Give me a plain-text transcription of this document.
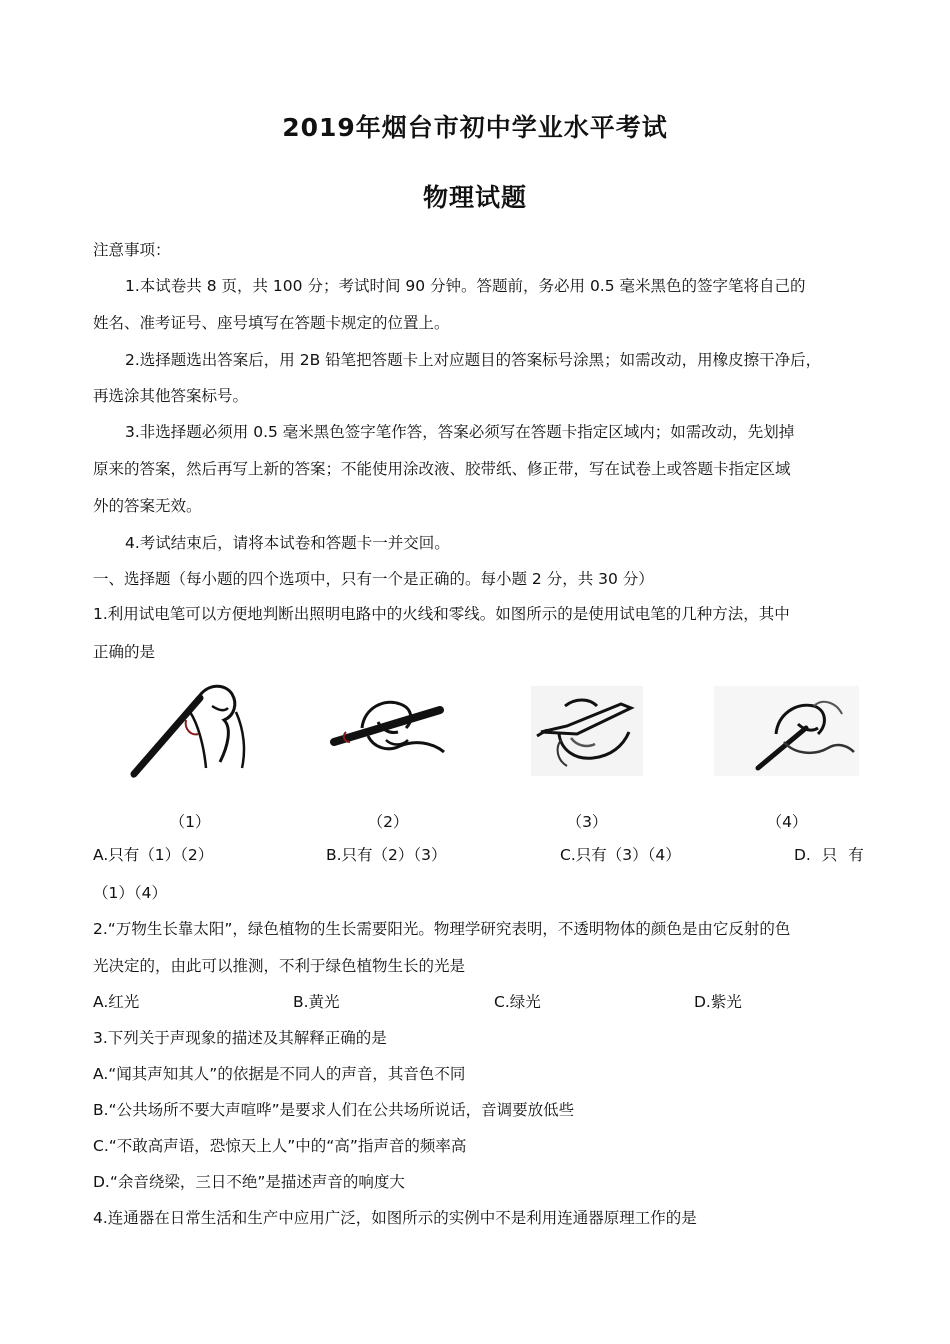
2019年烟台市初中学业水平考试
物理试题
注意事项：
1.本试卷共 8 页，共 100 分；考试时间 90 分钟。答题前，务必用 0.5 毫米黑色的签字笔将自己的
姓名、准考证号、座号填写在答题卡规定的位置上。
2.选择题选出答案后，用 2B 铅笔把答题卡上对应题目的答案标号涂黑；如需改动，用橡皮擦干净后，
再选涂其他答案标号。
3.非选择题必须用 0.5 毫米黑色签字笔作答，答案必须写在答题卡指定区域内；如需改动，先划掉
原来的答案，然后再写上新的答案；不能使用涂改液、胶带纸、修正带，写在试卷上或答题卡指定区域
外的答案无效。
4.考试结束后，请将本试卷和答题卡一并交回。
一、选择题（每小题的四个选项中，只有一个是正确的。每小题 2 分，共 30 分）
1.利用试电笔可以方便地判断出照明电路中的火线和零线。如图所示的是使用试电笔的几种方法，其中
正确的是
（1）	（2）	（3）	（4）
A.只有（1）（2）	B.只有（2）（3）	C.只有（3）（4）	D. 只 有
（1）（4）
2.“万物生长靠太阳”，绿色植物的生长需要阳光。物理学研究表明，不透明物体的颜色是由它反射的色
光决定的，由此可以推测，不利于绿色植物生长的光是
A.红光	B.黄光	C.绿光	D.紫光
3.下列关于声现象的描述及其解释正确的是
A.“闻其声知其人”的依据是不同人的声音，其音色不同
B.“公共场所不要大声喧哗”是要求人们在公共场所说话，音调要放低些
C.“不敢高声语，恐惊天上人”中的“高”指声音的频率高
D.“余音绕梁，三日不绝”是描述声音的响度大
4.连通器在日常生活和生产中应用广泛，如图所示的实例中不是利用连通器原理工作的是
